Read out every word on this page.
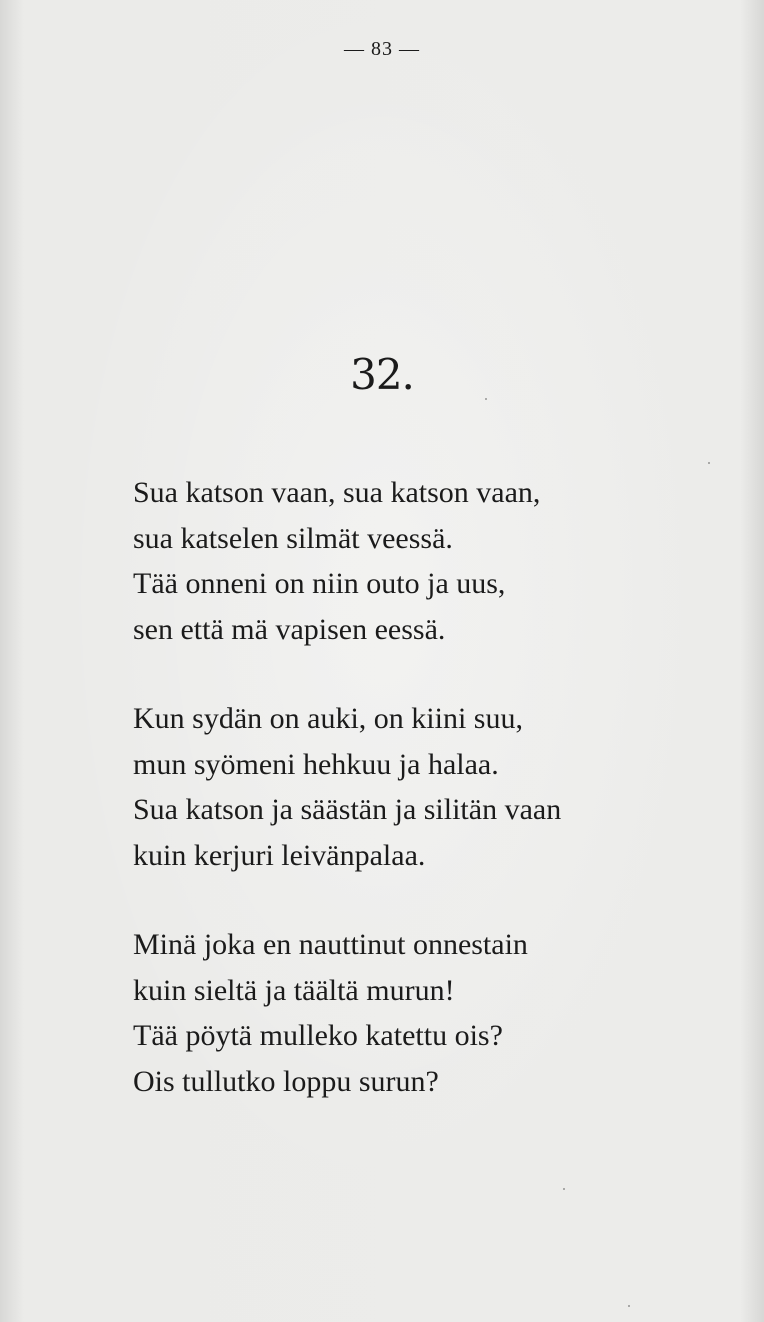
— 83 —
32.
Sua katson vaan, sua katson vaan,
sua katselen silmät veessä.
Tää onneni on niin outo ja uus,
sen että mä vapisen eessä.
Kun sydän on auki, on kiini suu,
mun syömeni hehkuu ja halaa.
Sua katson ja säästän ja silitän vaan
kuin kerjuri leivänpalaa.
Minä joka en nauttinut onnestain
kuin sieltä ja täältä murun!
Tää pöytä mulleko katettu ois?
Ois tullutko loppu surun?
